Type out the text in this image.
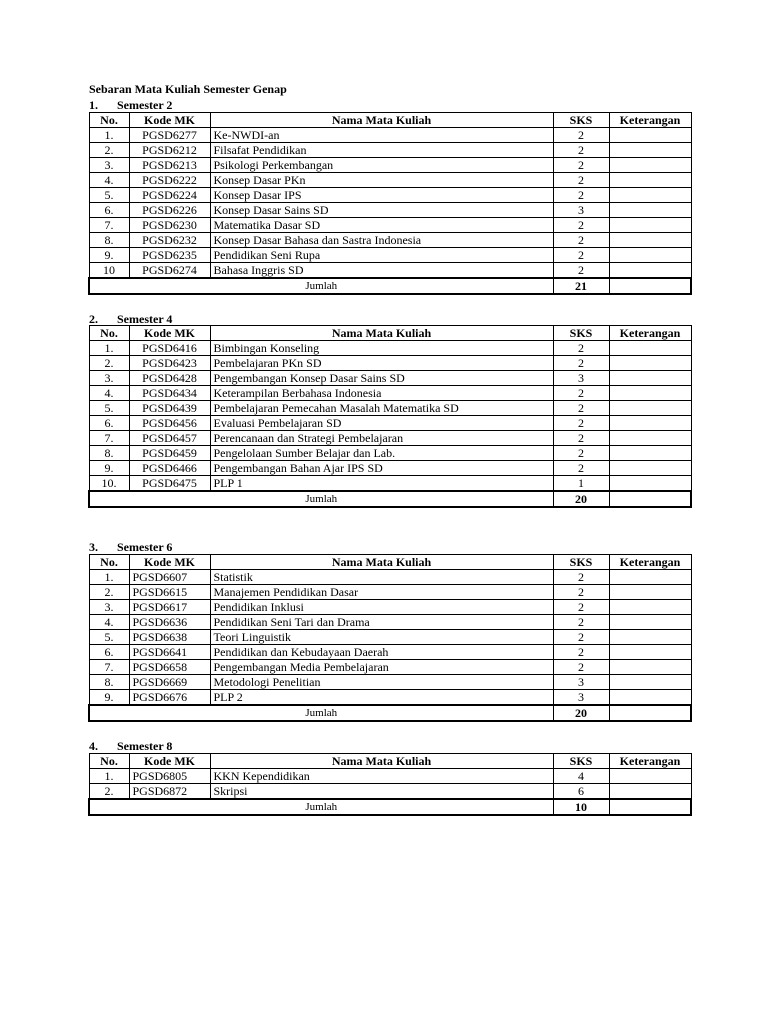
Sebaran Mata Kuliah Semester Genap
1. Semester 2
No.	Kode MK	Nama Mata Kuliah	SKS	Keterangan
1.	PGSD6277	Ke-NWDI-an	2	
2.	PGSD6212	Filsafat Pendidikan	2	
3.	PGSD6213	Psikologi Perkembangan	2	
4.	PGSD6222	Konsep Dasar PKn	2	
5.	PGSD6224	Konsep Dasar IPS	2	
6.	PGSD6226	Konsep Dasar Sains SD	3	
7.	PGSD6230	Matematika Dasar SD	2	
8.	PGSD6232	Konsep Dasar Bahasa dan Sastra Indonesia	2	
9.	PGSD6235	Pendidikan Seni Rupa	2	
10	PGSD6274	Bahasa Inggris SD	2	
Jumlah			21	
2. Semester 4
No.	Kode MK	Nama Mata Kuliah	SKS	Keterangan
1.	PGSD6416	Bimbingan Konseling	2	
2.	PGSD6423	Pembelajaran PKn SD	2	
3.	PGSD6428	Pengembangan Konsep Dasar Sains SD	3	
4.	PGSD6434	Keterampilan Berbahasa Indonesia	2	
5.	PGSD6439	Pembelajaran Pemecahan Masalah Matematika SD	2	
6.	PGSD6456	Evaluasi Pembelajaran SD	2	
7.	PGSD6457	Perencanaan dan Strategi Pembelajaran	2	
8.	PGSD6459	Pengelolaan Sumber Belajar dan Lab.	2	
9.	PGSD6466	Pengembangan Bahan Ajar IPS SD	2	
10.	PGSD6475	PLP 1	1	
Jumlah			20	
3. Semester 6
No.	Kode MK	Nama Mata Kuliah	SKS	Keterangan
1.	PGSD6607	Statistik	2	
2.	PGSD6615	Manajemen Pendidikan Dasar	2	
3.	PGSD6617	Pendidikan Inklusi	2	
4.	PGSD6636	Pendidikan Seni Tari dan Drama	2	
5.	PGSD6638	Teori Linguistik	2	
6.	PGSD6641	Pendidikan dan Kebudayaan Daerah	2	
7.	PGSD6658	Pengembangan Media Pembelajaran	2	
8.	PGSD6669	Metodologi Penelitian	3	
9.	PGSD6676	PLP 2	3	
Jumlah			20	
4. Semester 8
No.	Kode MK	Nama Mata Kuliah	SKS	Keterangan
1.	PGSD6805	KKN Kependidikan	4	
2.	PGSD6872	Skripsi	6	
Jumlah			10	
